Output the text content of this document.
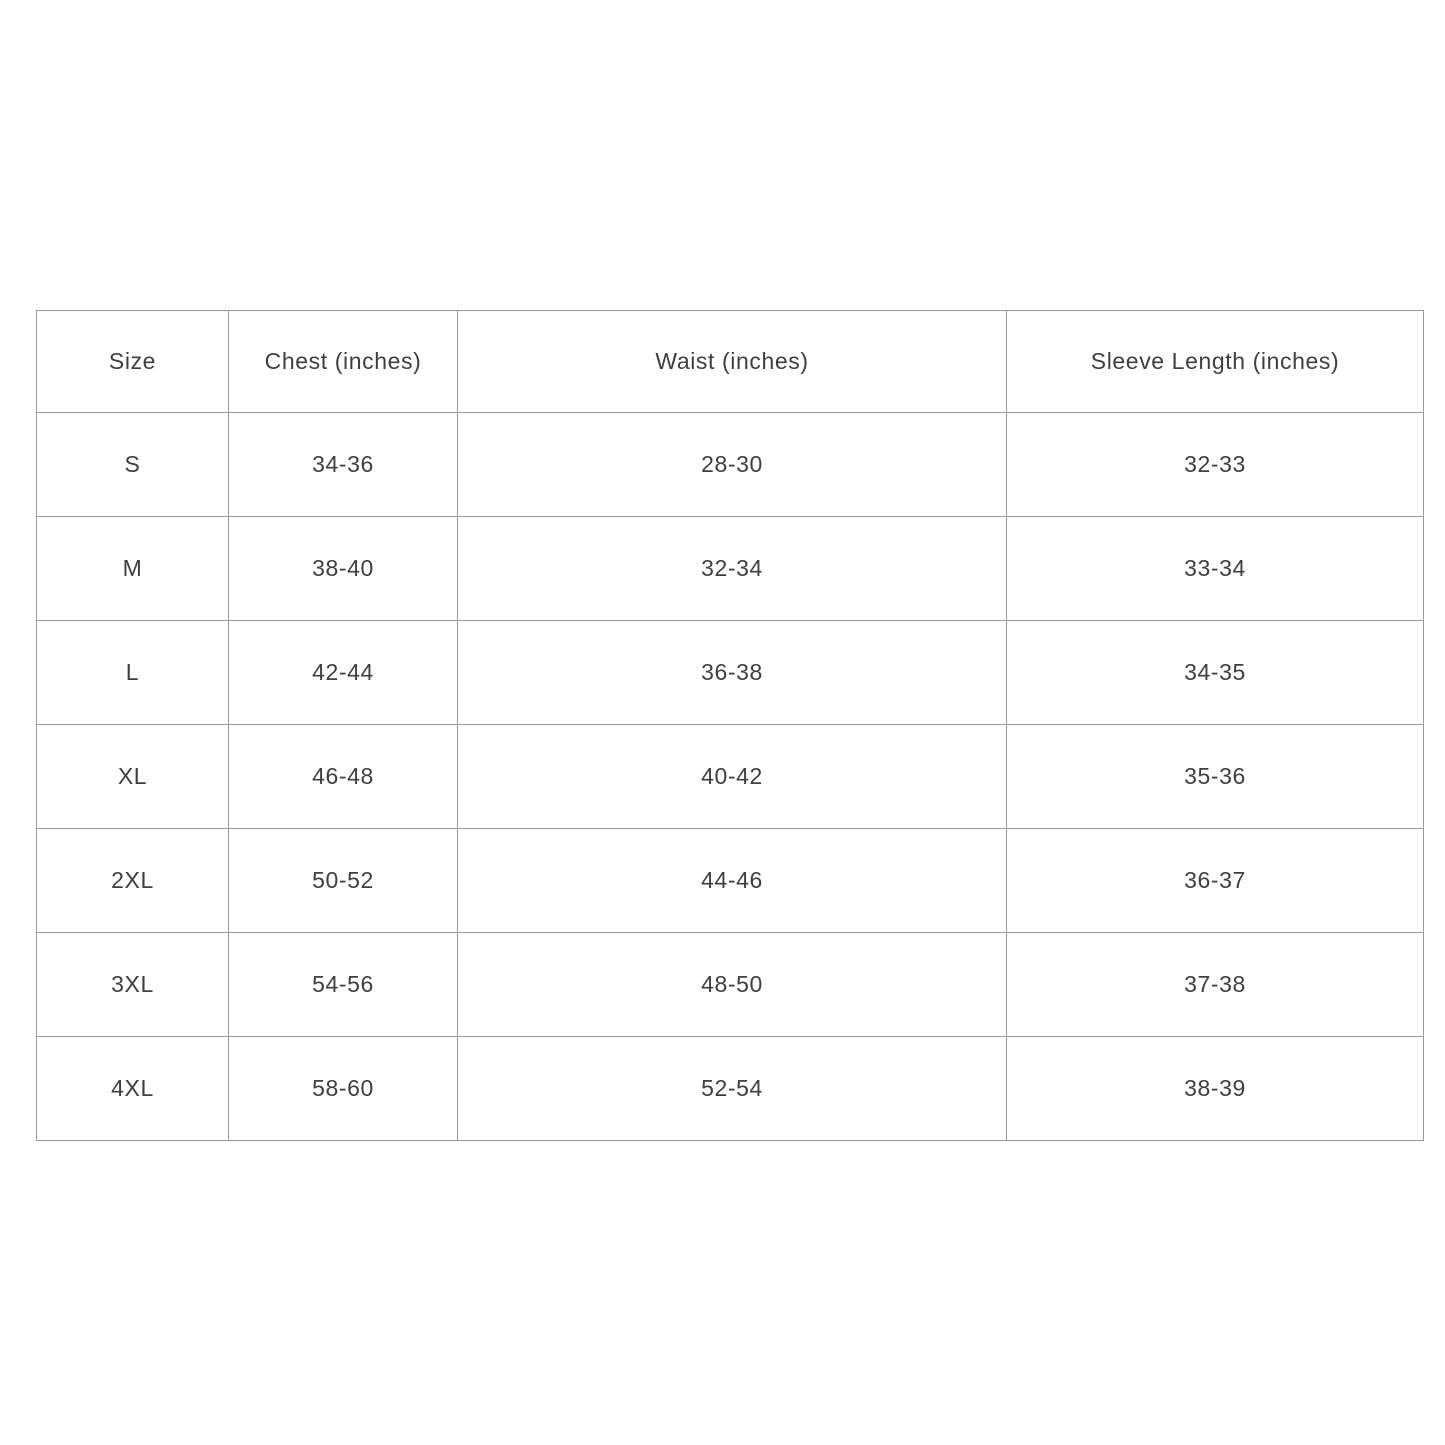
Size	Chest (inches)	Waist (inches)	Sleeve Length (inches)
S	34-36	28-30	32-33
M	38-40	32-34	33-34
L	42-44	36-38	34-35
XL	46-48	40-42	35-36
2XL	50-52	44-46	36-37
3XL	54-56	48-50	37-38
4XL	58-60	52-54	38-39
